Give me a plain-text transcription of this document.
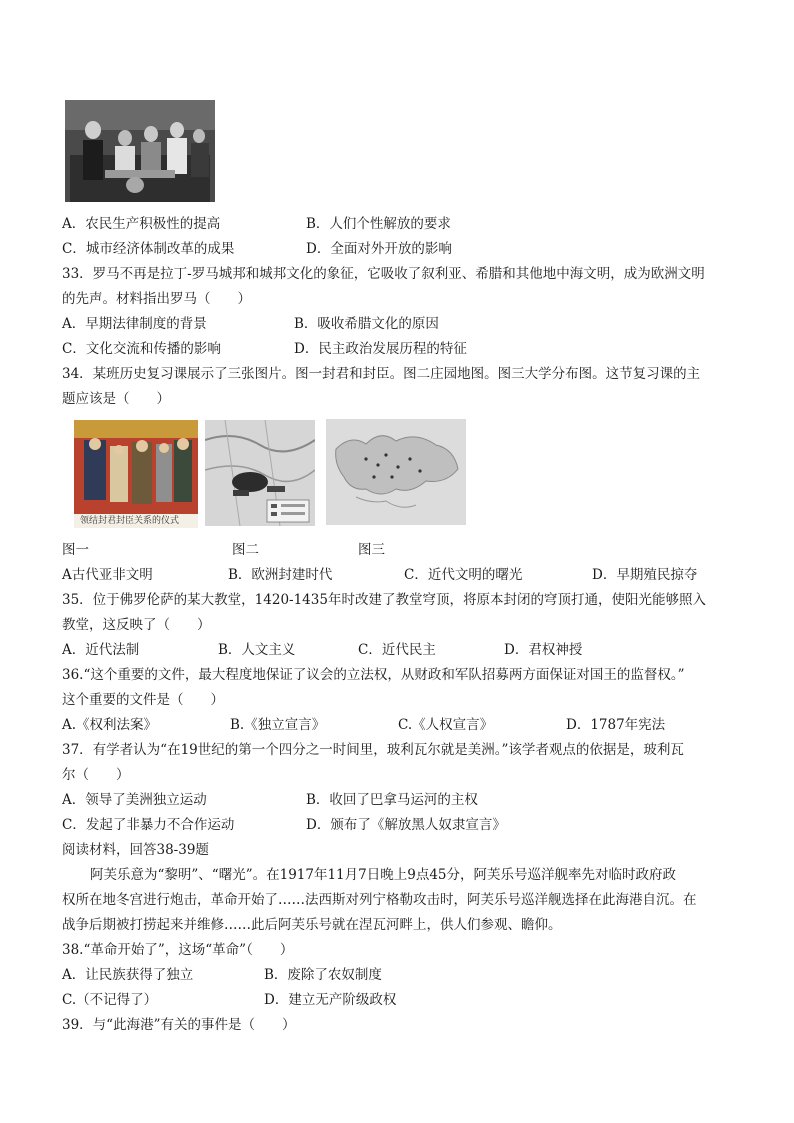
A．农民生产积极性的提高	B．人们个性解放的要求
C．城市经济体制改革的成果	D．全面对外开放的影响
33．罗马不再是拉丁-罗马城邦和城邦文化的象征，它吸收了叙利亚、希腊和其他地中海文明，成为欧洲文明
的先声。材料指出罗马（　　）
A．早期法律制度的背景	B．吸收希腊文化的原因
C．文化交流和传播的影响	D．民主政治发展历程的特征
34．某班历史复习课展示了三张图片。图一封君和封臣。图二庄园地图。图三大学分布图。这节复习课的主
题应该是（　　）
领结封君封臣关系的仪式
图一	图二	图三
A古代亚非文明	B．欧洲封建时代	C．近代文明的曙光	D．早期殖民掠夺
35．位于佛罗伦萨的某大教堂，1420-1435年时改建了教堂穹顶，将原本封闭的穹顶打通，使阳光能够照入
教堂，这反映了（　　）
A．近代法制	B．人文主义	C．近代民主	D．君权神授
36.“这个重要的文件，最大程度地保证了议会的立法权，从财政和军队招募两方面保证对国王的监督权。”
这个重要的文件是（　　）
A.《权利法案》	B.《独立宣言》	C.《人权宣言》	D．1787年宪法
37．有学者认为“在19世纪的第一个四分之一时间里，玻利瓦尔就是美洲。”该学者观点的依据是，玻利瓦
尔（　　）
A．领导了美洲独立运动	B．收回了巴拿马运河的主权
C．发起了非暴力不合作运动	D．颁布了《解放黑人奴隶宣言》
阅读材料，回答38-39题
阿芙乐意为“黎明”、“曙光”。在1917年11月7日晚上9点45分，阿芙乐号巡洋舰率先对临时政府政
权所在地冬宫进行炮击，革命开始了……法西斯对列宁格勒攻击时，阿芙乐号巡洋舰选择在此海港自沉。在
战争后期被打捞起来并维修……此后阿芙乐号就在涅瓦河畔上，供人们参观、瞻仰。
38.“革命开始了”，这场“革命”（　　）
A．让民族获得了独立	B．废除了农奴制度
C.（不记得了）	D．建立无产阶级政权
39．与“此海港”有关的事件是（　　）
